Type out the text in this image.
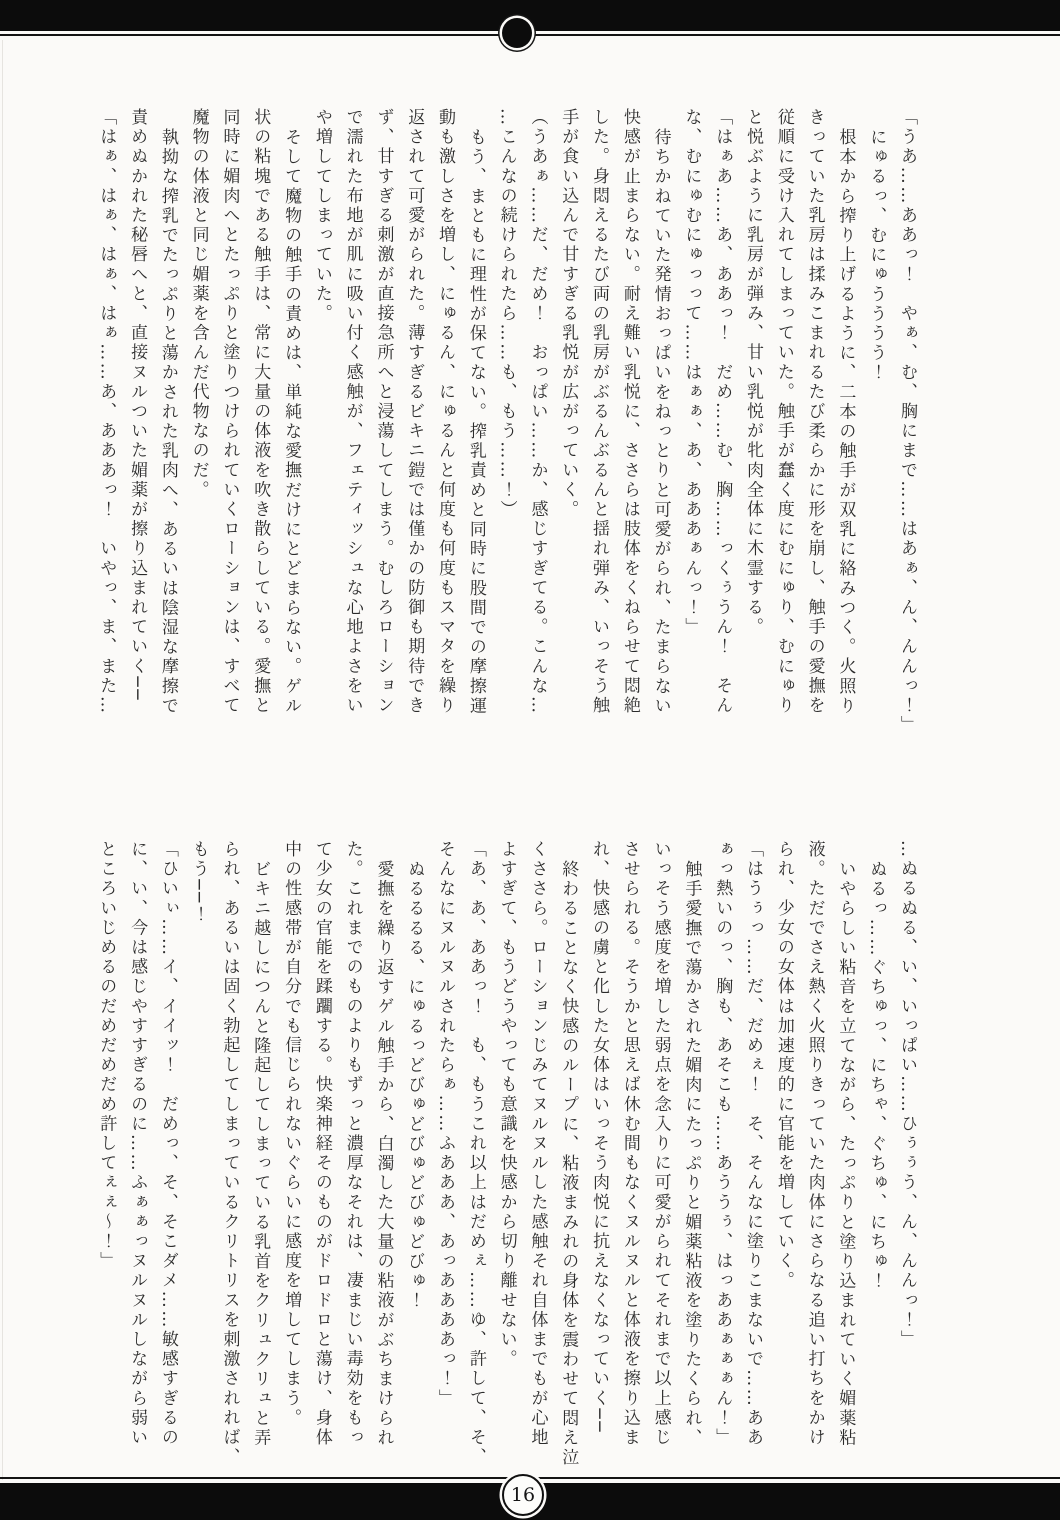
「うあ……ああっ！　やぁ、む、胸にまで……はあぁ、ん、んんっ！」
にゅるっ、むにゅうううう！
根本から搾り上げるように、二本の触手が双乳に絡みつく。火照り
きっていた乳房は揉みこまれるたび柔らかに形を崩し、触手の愛撫を
従順に受け入れてしまっていた。触手が蠢く度にむにゅり、むにゅり
と悦ぶように乳房が弾み、甘い乳悦が牝肉全体に木霊する。
「はぁあ……あ、ああっ！　だめ……む、胸……っくぅうん！　そん
な、むにゅむにゅっって……はぁぁ、あ、あああぁんっ！」
待ちかねていた発情おっぱいをねっとりと可愛がられ、たまらない
快感が止まらない。耐え難い乳悦に、ささらは肢体をくねらせて悶絶
した。身悶えるたび両の乳房がぶるんぶるんと揺れ弾み、いっそう触
手が食い込んで甘すぎる乳悦が広がっていく。
（うあぁ……だ、だめ！　おっぱい……か、感じすぎてる。こんな…
…こんなの続けられたら……も、もう……！）
もう、まともに理性が保てない。搾乳責めと同時に股間での摩擦運
動も激しさを増し、にゅるん、にゅるんと何度も何度もスマタを繰り
返されて可愛がられた。薄すぎるビキニ鎧では僅かの防御も期待でき
ず、甘すぎる刺激が直接急所へと浸蕩してしまう。むしろローション
で濡れた布地が肌に吸い付く感触が、フェティッシュな心地よさをい
や増してしまっていた。
そして魔物の触手の責めは、単純な愛撫だけにとどまらない。ゲル
状の粘塊である触手は、常に大量の体液を吹き散らしている。愛撫と
同時に媚肉へとたっぷりと塗りつけられていくローションは、すべて
魔物の体液と同じ媚薬を含んだ代物なのだ。
執拗な搾乳でたっぷりと蕩かされた乳肉へ、あるいは陰湿な摩擦で
責めぬかれた秘唇へと、直接ヌルついた媚薬が擦り込まれていく──
「はぁ、はぁ、はぁ、はぁ……あ、あああっ！　いやっ、ま、また…
…ぬるぬる、い、いっぱい……ひぅぅう、ん、んんっ！」
ぬるっ……ぐちゅっ、にちゃ、ぐちゅ、にちゅ！
いやらしい粘音を立てながら、たっぷりと塗り込まれていく媚薬粘
液。ただでさえ熱く火照りきっていた肉体にさらなる追い打ちをかけ
られ、少女の女体は加速度的に官能を増していく。
「はうぅっ……だ、だめぇ！　そ、そんなに塗りこまないで……ああ
ぁっ熱いのっ、胸も、あそこも……あううぅ、はっああぁぁぁん！」
触手愛撫で蕩かされた媚肉にたっぷりと媚薬粘液を塗りたくられ、
いっそう感度を増した弱点を念入りに可愛がられてそれまで以上感じ
させられる。そうかと思えば休む間もなくヌルヌルと体液を擦り込ま
れ、快感の虜と化した女体はいっそう肉悦に抗えなくなっていく──
終わることなく快感のループに、粘液まみれの身体を震わせて悶え泣
くささら。ローションじみてヌルヌルした感触それ自体までもが心地
よすぎて、もうどうやっても意識を快感から切り離せない。
「あ、あ、ああっ！　も、もうこれ以上はだめぇ……ゆ、許して、そ、
そんなにヌルヌルされたらぁ……ふあああ、あっああああっ！」
ぬるるるる、にゅるっどびゅどびゅどびゅどびゅ！
愛撫を繰り返すゲル触手から、白濁した大量の粘液がぶちまけられ
た。これまでのものよりもずっと濃厚なそれは、凄まじい毒効をもっ
て少女の官能を蹂躙する。快楽神経そのものがドロドロと蕩け、身体
中の性感帯が自分でも信じられないぐらいに感度を増してしまう。
ビキニ越しにつんと隆起してしまっている乳首をクリュクリュと弄
られ、あるいは固く勃起してしまっているクリトリスを刺激されれば、
もう──！
「ひいぃ……イ、イイッ！　だめっ、そ、そこダメ……敏感すぎるの
に、い、今は感じやすすぎるのに……ふぁぁっヌルヌルしながら弱い
ところいじめるのだめだめだめ許してぇぇ～！」
16
